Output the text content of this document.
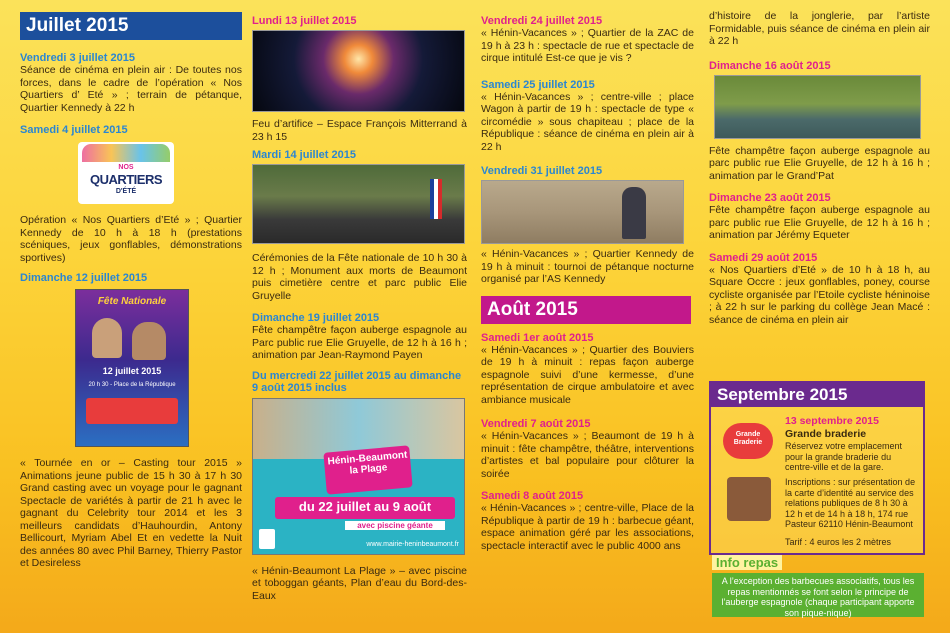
Juillet 2015
Vendredi 3 juillet 2015
Séance de cinéma en plein air : De toutes nos forces, dans le cadre de l’opération « Nos Quartiers d’ Eté » ; terrain de pétanque, Quartier Kennedy à 22 h
Samedi 4 juillet 2015
NOS
QUARTIERS
D'ÉTÉ
Opération « Nos Quartiers d’Eté » ; Quartier Kennedy de 10 h à 18 h (prestations scéniques, jeux gonflables, démonstrations sportives)
Dimanche 12 juillet 2015
Fête Nationale
12 juillet 2015
20 h 30 - Place de la République
« Tournée en or – Casting tour 2015 » Animations jeune public de 15 h 30 à 17 h 30 Grand casting avec un voyage pour le gagnant Spectacle de variétés à partir de 21 h avec le gagnant du Celebrity tour 2014 et les 3 meilleurs candidats d’Hauhourdin, Antony Bellicourt, Myriam Abel Et en vedette la Nuit des années 80 avec Phil Barney, Thierry Pastor et Desireless
Lundi 13 juillet 2015
Feu d’artifice – Espace François Mitterrand à 23 h 15
Mardi 14 juillet 2015
Cérémonies de la Fête nationale de 10 h 30 à 12 h ; Monument aux morts de Beaumont puis cimetière centre et parc public Elie Gruyelle
Dimanche 19 juillet 2015
Fête champêtre façon auberge espagnole au Parc public rue Elie Gruyelle, de 12 h à 16 h ; animation par Jean-Raymond Payen
Du mercredi 22 juillet 2015 au dimanche 9 août 2015 inclus
Hénin-Beaumont la Plage
du 22 juillet au 9 août
avec piscine géante
www.mairie-heninbeaumont.fr
« Hénin-Beaumont La Plage » – avec piscine et toboggan géants, Plan d’eau du Bord-des-Eaux
Vendredi 24 juillet 2015
« Hénin-Vacances » ; Quartier de la ZAC de 19 h à 23 h : spectacle de rue et spectacle de cirque intitulé Est-ce que je vis ?
Samedi 25 juillet 2015
« Hénin-Vacances » ; centre-ville ; place Wagon à partir de 19 h : spectacle de type « circomédie » sous chapiteau ; place de la République : séance de cinéma en plein air à 22 h
Vendredi 31 juillet 2015
« Hénin-Vacances » ; Quartier Kennedy de 19 h à minuit : tournoi de pétanque nocturne organisé par l’AS Kennedy
Août 2015
Samedi 1er août 2015
« Hénin-Vacances » ; Quartier des Bouviers de 19 h à minuit : repas façon auberge espagnole suivi d’une kermesse, d’une représentation de cirque ambulatoire et avec ambiance musicale
Vendredi 7 août 2015
« Hénin-Vacances » ; Beaumont de 19 h à minuit : fête champêtre, théâtre, interventions d’artistes et bal populaire pour clôturer la soirée
Samedi 8 août 2015
« Hénin-Vacances » ; centre-ville, Place de la République à partir de 19 h : barbecue géant, espace animation géré par les associations, spectacle interactif avec le public 4000 ans
d’histoire de la jonglerie, par l’artiste Formidable, puis séance de cinéma en plein air à 22 h
Dimanche 16 août 2015
Fête champêtre façon auberge espagnole au parc public rue Elie Gruyelle, de 12 h à 16 h ; animation par le Grand’Pat
Dimanche 23 août 2015
Fête champêtre façon auberge espagnole au parc public rue Elie Gruyelle, de 12 h à 16 h ; animation par Jérémy Equeter
Samedi 29 août 2015
« Nos Quartiers d’Eté » de 10 h à 18 h, au Square Occre : jeux gonflables, poney, course cycliste organisée par l’Etoile cycliste héninoise ; à 22 h sur le parking du collège Jean Macé : séance de cinéma en plein air
Septembre 2015
Grande Braderie
13 septembre 2015
Grande braderie
Réservez votre emplacement pour la grande braderie du centre-ville et de la gare.
Inscriptions : sur présentation de la carte d’identité au service des relations publiques de 8 h 30 à 12 h et de 14 h à 18 h, 174 rue Pasteur 62110 Hénin-Beaumont
Tarif : 4 euros les 2 mètres
Info repas
A l’exception des barbecues associatifs, tous les repas mentionnés se font selon le principe de l’auberge espagnole (chaque participant apporte son pique-nique)
